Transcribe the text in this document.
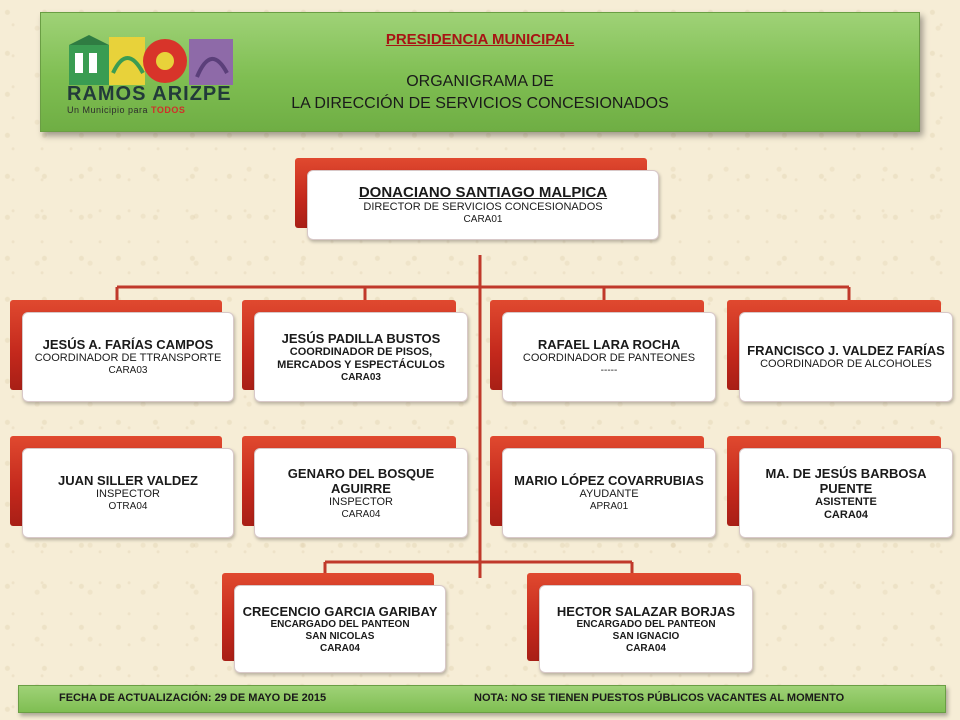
RAMOS ARIZPE
Un Municipio para TODOS
PRESIDENCIA MUNICIPAL
ORGANIGRAMA DE
LA DIRECCIÓN DE SERVICIOS CONCESIONADOS
DONACIANO SANTIAGO MALPICA
DIRECTOR DE SERVICIOS CONCESIONADOS
CARA01
JESÚS A. FARÍAS CAMPOS
COORDINADOR DE TTRANSPORTE
CARA03
JESÚS PADILLA BUSTOS
COORDINADOR DE PISOS, MERCADOS Y ESPECTÁCULOS
CARA03
RAFAEL LARA ROCHA
COORDINADOR DE PANTEONES
-----
FRANCISCO J. VALDEZ FARÍAS
COORDINADOR DE ALCOHOLES
JUAN SILLER VALDEZ
INSPECTOR
OTRA04
GENARO DEL BOSQUE AGUIRRE
INSPECTOR
CARA04
MARIO LÓPEZ COVARRUBIAS
AYUDANTE
APRA01
MA. DE JESÚS BARBOSA PUENTE
ASISTENTE
CARA04
CRECENCIO GARCIA GARIBAY
ENCARGADO DEL PANTEON
SAN NICOLAS
CARA04
HECTOR SALAZAR BORJAS
ENCARGADO DEL PANTEON
SAN IGNACIO
CARA04
FECHA DE ACTUALIZACIÓN: 29 DE MAYO DE 2015	NOTA: NO SE TIENEN PUESTOS PÚBLICOS VACANTES AL MOMENTO
